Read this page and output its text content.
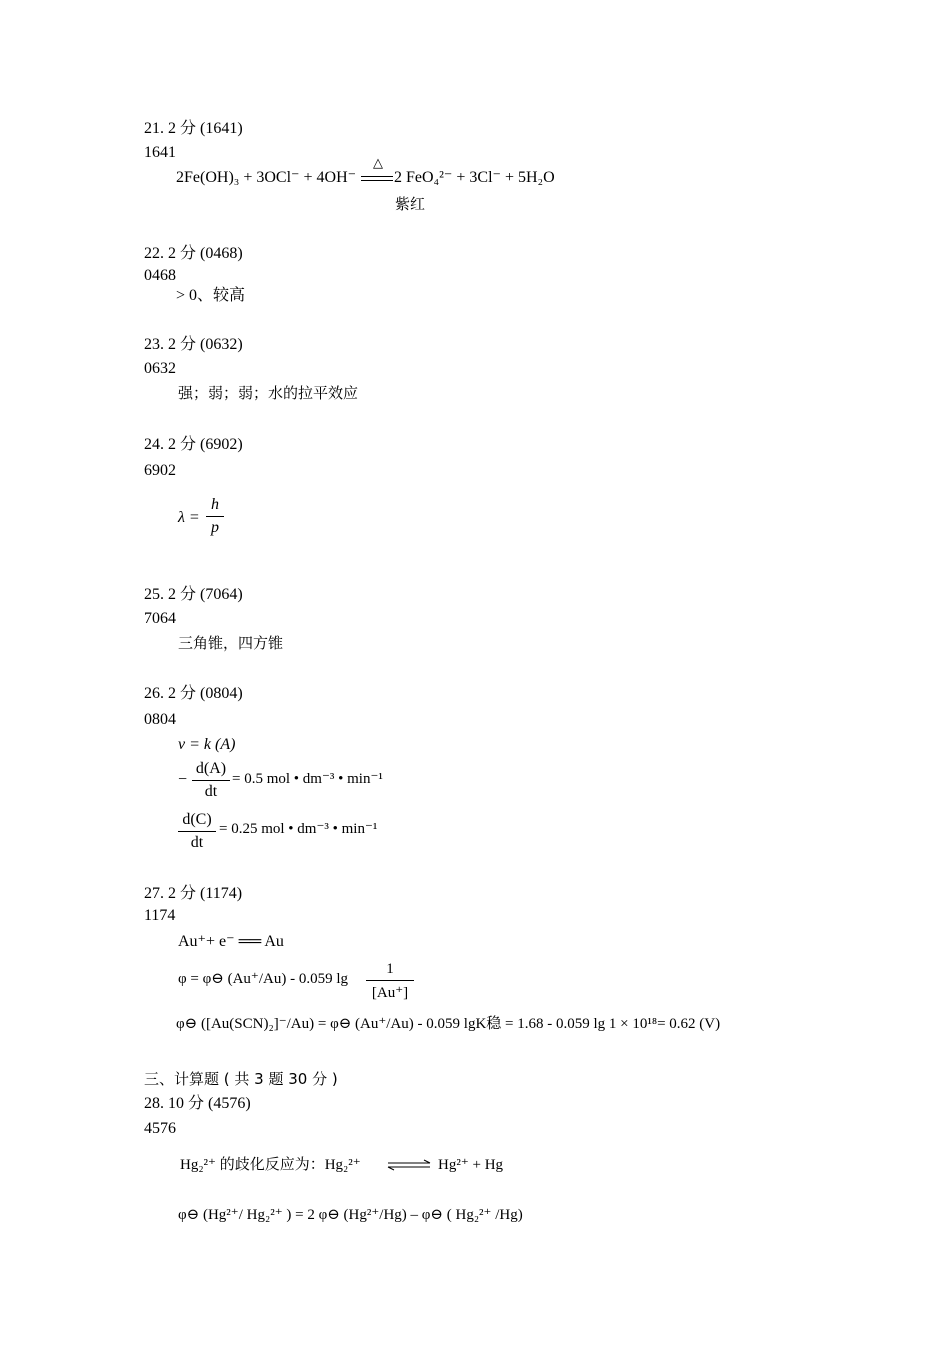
21. 2 分 (1641)
1641
2Fe(OH)₃ + 3OCl⁻ + 4OH⁻
△
2 FeO₄²⁻ + 3Cl⁻ + 5H₂O
紫红
22. 2 分 (0468)
0468
> 0、较高
23. 2 分 (0632)
0632
强；弱；弱；水的拉平效应
24. 2 分 (6902)
6902
λ =
h
p
25. 2 分 (7064)
7064
三角锥，四方锥
26. 2 分 (0804)
0804
v = k (A)
−
d(A)
dt
= 0.5 mol • dm⁻³ • min⁻¹
d(C)
dt
= 0.25 mol • dm⁻³ • min⁻¹
27. 2 分 (1174)
1174
Au⁺+ e⁻ ══ Au
φ = φ⊖ (Au⁺/Au) - 0.059 lg
1
[Au⁺]
φ⊖ ([Au(SCN)₂]⁻/Au) = φ⊖ (Au⁺/Au) - 0.059 lgK稳 = 1.68 - 0.059 lg 1 × 10¹⁸= 0.62 (V)
三、计算题 ( 共 3 题 30 分 )
28. 10 分 (4576)
4576
Hg₂²⁺ 的歧化反应为：Hg₂²⁺ ⇌ Hg²⁺ + Hg
φ⊖ (Hg²⁺/ Hg₂²⁺ ) = 2 φ⊖ (Hg²⁺/Hg) – φ⊖ ( Hg₂²⁺ /Hg)
